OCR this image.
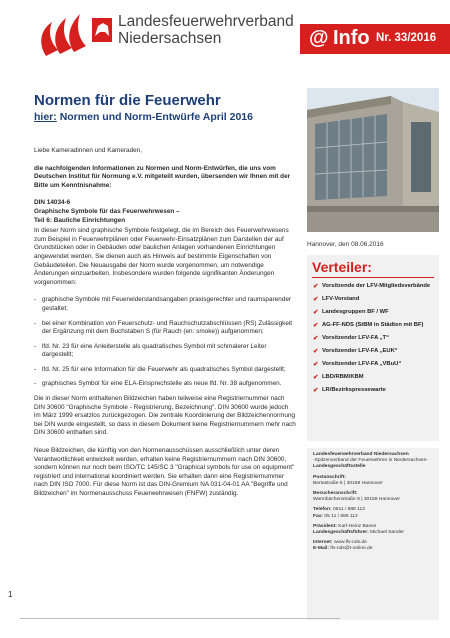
Landesfeuerwehrverband
Niedersachsen	@ Info Nr. 33/2016
Normen für die Feuerwehr
hier: Normen und Norm-Entwürfe April 2016
Hannover, den 08.06.2016

Liebe Kameradinnen und Kameraden,

die nachfolgenden Informationen zu Normen und Norm-Entwürfen, die uns vom Deutschen Institut für Normung e.V. mitgeteilt wurden, übersenden wir Ihnen mit der Bitte um Kenntnisnahme:

DIN 14034-6
Graphische Symbole für das Feuerwehrwesen –
Teil 6: Bauliche Einrichtungen

In dieser Norm sind graphische Symbole festgelegt, die im Bereich des Feuerwehrwesens zum Beispiel in Feuerwehrplänen oder Feuerwehr-Einsatzplänen zum Darstellen der auf Grundstücken oder in Gebäuden oder baulichen Anlagen vorhandenen Einrichtungen angewendet werden. Sie dienen auch als Hinweis auf bestimmte Eigenschaften von Gebäudeteilen. Die Neuausgabe der Norm wurde vorgenommen, um notwendige Änderungen einzuarbeiten. Insbesondere wurden folgende signifikanten Änderungen vorgenommen:

- graphische Symbole mit Feuerwiderstandsangaben praxisgerechter und raumsparender gestaltet;
- bei einer Kombination von Feuerschutz- und Rauchschutzabschlüssen (RS) Zulässigkeit der Ergänzung mit dem Buchstaben S (für Rauch (en: smoke)) aufgenommen;
- lfd. Nr. 23 für eine Anleiterstelle als quadratisches Symbol mit schmalerer Leiter dargestellt;
- lfd. Nr. 25 für eine Information für die Feuerwehr als quadratisches Symbol dargestellt;
- graphisches Symbol für eine ELA-Einsprechstelle als neue lfd. Nr. 38 aufgenommen.

Die in dieser Norm enthaltenen Bildzeichen haben teilweise eine Registriernummer nach DIN 30600 "Graphische Symbole - Registrierung, Bezeichnung". DIN 30600 wurde jedoch im März 1999 ersatzlos zurückgezogen. Die zentrale Koordinierung der Bildzeichennormung bei DIN wurde eingestellt, so dass in diesem Dokument keine Registriernummern mehr nach DIN 30600 enthalten sind.

Neue Bildzeichen, die künftig von den Normenausschüssen ausschließlich unter deren Verantwortlichkeit entwickelt werden, erhalten keine Registriernummern nach DIN 30600, sondern können nur noch beim ISO/TC 145/SC 3 "Graphical symbols for use on equipment" registriert und international koordiniert werden. Sie erhalten dann eine Registriernummer nach DIN ISO 7000. Für diese Norm ist das DIN-Gremium NA 031-04-01 AA "Begriffe und Bildzeichen" im Normenausschuss Feuerwehrwesen (FNFW) zuständig.

Verteiler:
✔ Vorsitzende der LFV-Mitgliedsverbände
✔ LFV-Vorstand
✔ Landesgruppen BF / WF
✔ AG-FF-NDS (StBM in Städten mit BF)
✔ Vorsitzender LFV-FA „T“
✔ Vorsitzender LFV-FA „EUK“
✔ Vorsitzender LFV-FA „VBuU“
✔ LBD/RBM/KBM
✔ LR/Bezirkspressewarte
Landesfeuerwehrverband Niedersachsen
-Spitzenverband der Feuerwehren in Niedersachsen-
Landesgeschäftsstelle
Postanschrift:
Bertastraße 5 | 30159 Hannover
Besucheranschrift:
Warmbüchenstraße 9 | 30159 Hannover
Telefon: 0511 / 888 112
Fax: 05 11 / 886 112
Präsident: Karl-Heinz Banse
Landesgeschäftsführer: Michael Sander
Internet: www.lfv-nds.de
E-Mail: lfv-nds@t-online.de
1
